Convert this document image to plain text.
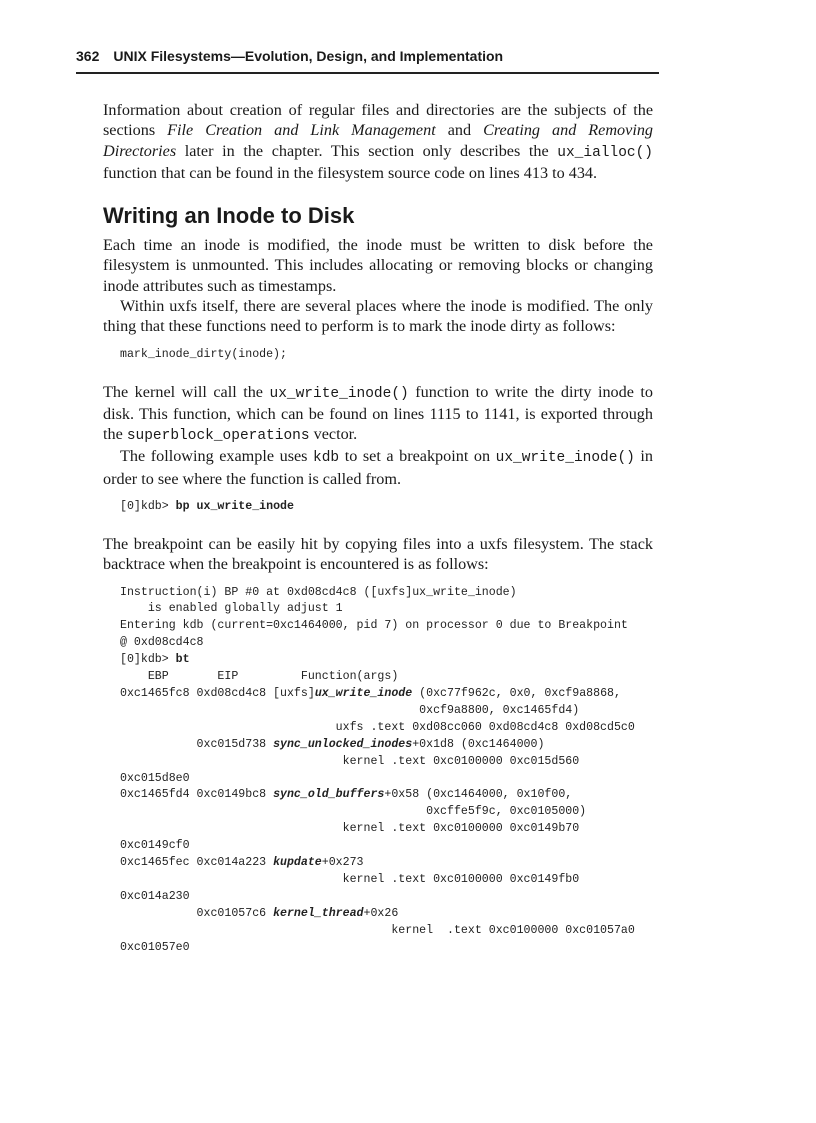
362 UNIX Filesystems—Evolution, Design, and Implementation

Information about creation of regular files and directories are the subjects of the sections File Creation and Link Management and Creating and Removing Directories later in the chapter. This section only describes the ux_ialloc() function that can be found in the filesystem source code on lines 413 to 434.

Writing an Inode to Disk

Each time an inode is modified, the inode must be written to disk before the filesystem is unmounted. This includes allocating or removing blocks or changing inode attributes such as timestamps.

Within uxfs itself, there are several places where the inode is modified. The only thing that these functions need to perform is to mark the inode dirty as follows:

mark_inode_dirty(inode);

The kernel will call the ux_write_inode() function to write the dirty inode to disk. This function, which can be found on lines 1115 to 1141, is exported through the superblock_operations vector.

The following example uses kdb to set a breakpoint on ux_write_inode() in order to see where the function is called from.

[0]kdb> bp ux_write_inode

The breakpoint can be easily hit by copying files into a uxfs filesystem. The stack backtrace when the breakpoint is encountered is as follows:

Instruction(i) BP #0 at 0xd08cd4c8 ([uxfs]ux_write_inode)
is enabled globally adjust 1
Entering kdb (current=0xc1464000, pid 7) on processor 0 due to Breakpoint
@ 0xd08cd4c8
[0]kdb> bt
EBP       EIP         Function(args)
0xc1465fc8 0xd08cd4c8 [uxfs]ux_write_inode (0xc77f962c, 0x0, 0xcf9a8868,
0xcf9a8800, 0xc1465fd4)
uxfs .text 0xd08cc060 0xd08cd4c8 0xd08cd5c0
0xc015d738 sync_unlocked_inodes+0x1d8 (0xc1464000)
kernel .text 0xc0100000 0xc015d560
0xc015d8e0
0xc1465fd4 0xc0149bc8 sync_old_buffers+0x58 (0xc1464000, 0x10f00,
0xcffe5f9c, 0xc0105000)
kernel .text 0xc0100000 0xc0149b70
0xc0149cf0
0xc1465fec 0xc014a223 kupdate+0x273
kernel .text 0xc0100000 0xc0149fb0
0xc014a230
0xc01057c6 kernel_thread+0x26
kernel  .text 0xc0100000 0xc01057a0
0xc01057e0
